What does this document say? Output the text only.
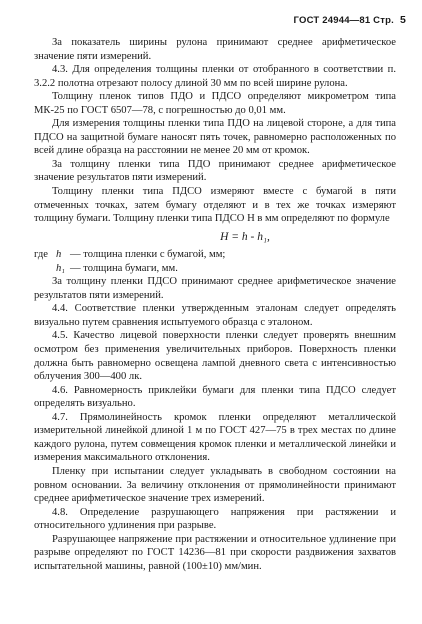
ГОСТ 24944—81 Стр. 5

За показатель ширины рулона принимают среднее арифметическое значение пяти измерений.

4.3. Для определения толщины пленки от отобранного в соответствии п. 3.2.2 полотна отрезают полосу длиной 30 мм по всей ширине рулона.

Толщину пленок типов ПДО и ПДСО определяют микрометром типа МК-25 по ГОСТ 6507—78, с погрешностью до 0,01 мм.

Для измерения толщины пленки типа ПДО на лицевой стороне, а для типа ПДСО на защитной бумаге наносят пять точек, равномерно расположенных по всей длине образца на расстоянии не менее 20 мм от кромок.

За толщину пленки типа ПДО принимают среднее арифметическое значение результатов пяти измерений.

Толщину пленки типа ПДСО измеряют вместе с бумагой в пяти отмеченных точках, затем бумагу отделяют и в тех же точках измеряют толщину бумаги. Толщину пленки типа ПДСО H в мм определяют по формуле

H = h - h₁,
где h — толщина пленки с бумагой, мм;
h₁ — толщина бумаги, мм.

За толщину пленки ПДСО принимают среднее арифметическое значение результатов пяти измерений.

4.4. Соответствие пленки утвержденным эталонам следует определять визуально путем сравнения испытуемого образца с эталоном.

4.5. Качество лицевой поверхности пленки следует проверять внешним осмотром без применения увеличительных приборов. Поверхность пленки должна быть равномерно освещена лампой дневного света с интенсивностью облучения 300—400 лк.

4.6. Равномерность приклейки бумаги для пленки типа ПДСО следует определять визуально.

4.7. Прямолинейность кромок пленки определяют металлической измерительной линейкой длиной 1 м по ГОСТ 427—75 в трех местах по длине каждого рулона, путем совмещения кромок пленки и металлической линейки и измерения максимального отклонения.

Пленку при испытании следует укладывать в свободном состоянии на ровном основании. За величину отклонения от прямолинейности принимают среднее арифметическое значение трех измерений.

4.8. Определение разрушающего напряжения при растяжении и относительного удлинения при разрыве.

Разрушающее напряжение при растяжении и относительное удлинение при разрыве определяют по ГОСТ 14236—81 при скорости раздвижения захватов испытательной машины, равной (100±10) мм/мин.
